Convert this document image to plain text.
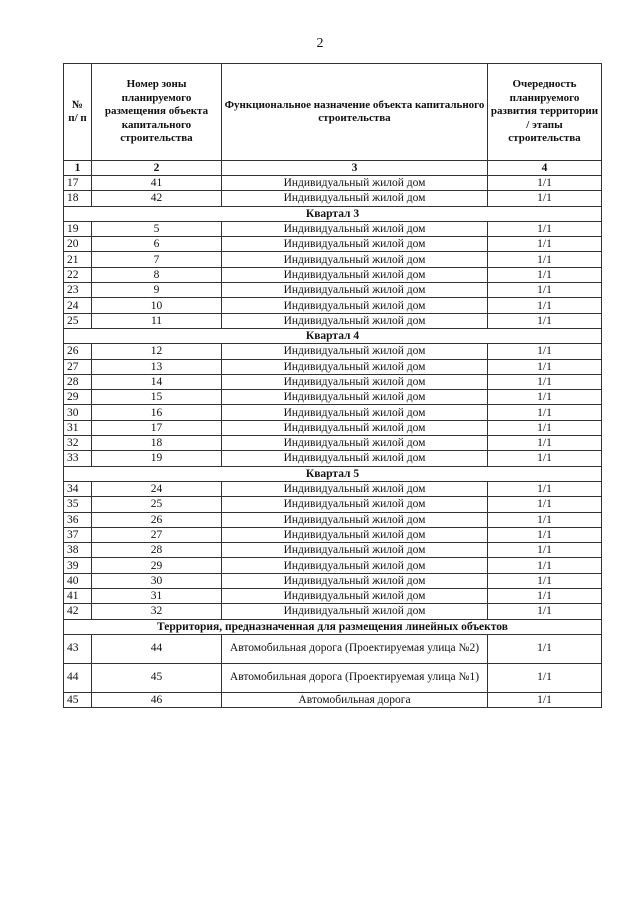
2
№ п/ п	Номер зоны планируемого размещения объекта капитального строительства	Функциональное назначение объекта капитального строительства	Очередность планируемого развития территории / этапы строительства
1	2	3	4
17	41	Индивидуальный жилой дом	1/1
18	42	Индивидуальный жилой дом	1/1
Квартал 3			
19	5	Индивидуальный жилой дом	1/1
20	6	Индивидуальный жилой дом	1/1
21	7	Индивидуальный жилой дом	1/1
22	8	Индивидуальный жилой дом	1/1
23	9	Индивидуальный жилой дом	1/1
24	10	Индивидуальный жилой дом	1/1
25	11	Индивидуальный жилой дом	1/1
Квартал 4			
26	12	Индивидуальный жилой дом	1/1
27	13	Индивидуальный жилой дом	1/1
28	14	Индивидуальный жилой дом	1/1
29	15	Индивидуальный жилой дом	1/1
30	16	Индивидуальный жилой дом	1/1
31	17	Индивидуальный жилой дом	1/1
32	18	Индивидуальный жилой дом	1/1
33	19	Индивидуальный жилой дом	1/1
Квартал 5			
34	24	Индивидуальный жилой дом	1/1
35	25	Индивидуальный жилой дом	1/1
36	26	Индивидуальный жилой дом	1/1
37	27	Индивидуальный жилой дом	1/1
38	28	Индивидуальный жилой дом	1/1
39	29	Индивидуальный жилой дом	1/1
40	30	Индивидуальный жилой дом	1/1
41	31	Индивидуальный жилой дом	1/1
42	32	Индивидуальный жилой дом	1/1
Территория, предназначенная для размещения линейных объектов			
43	44	Автомобильная дорога (Проектируемая улица №2)	1/1
44	45	Автомобильная дорога (Проектируемая улица №1)	1/1
45	46	Автомобильная дорога	1/1
